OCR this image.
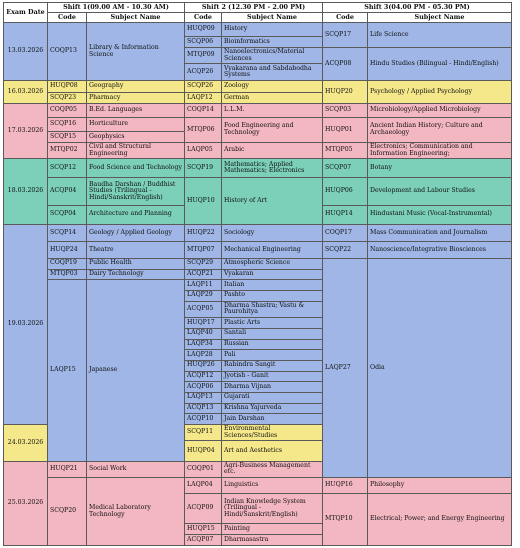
Exam Date	Shift 1(09.00 AM - 10.30 AM)		Shift 2 (12.30 PM - 2.00 PM)		Shift 3(04.00 PM - 05.30 PM)		
	Code	Subject Name	Code	Subject Name	Code	Subject Name	
13.03.2026	COQP13	Library & Information Science	HUQP09	History	SCQP17	Life Science	
			SCQP06	Bioinformatics			
			MTQP09	Nanoelectronics/Material Sciences	ACQP08	Hindu Studies (Bilingual - Hindi/English)	
			ACQP26	Vyakarana and Sabdabodha Systems			
16.03.2026	HUQP08	Geography	SCQP26	Zoology	HUQP20	Psychology / Applied Psychology	
	SCQP23	Pharmacy	LAQP12	German			
17.03.2026	COQP05	B.Ed. Languages	COQP14	L.L.M.	SCQP03	Microbiology/Applied Microbiology	
	SCQP16	Horticulture	MTQP06	Food Engineering and Technology	HUQP01	Ancient Indian History; Culture and Archaeology	
	SCQP15	Geophysics					
	MTQP02	Civil and Structural Engineering	LAQP05	Arabic	MTQP05	Electronics; Communication and Information Engineering;	
18.03.2026	SCQP12	Food Science and Technology	SCQP19	Mathematics; Applied Mathematics; Electronics	SCQP07	Botany	
	ACQP04	Baudha Darshan / Buddhist Studies (Trilingual - Hindi/Sanskrit/English)	HUQP10	History of Art	HUQP06	Development and Labour Studies	
	SCQP04	Architecture and Planning			HUQP14	Hindustani Music (Vocal-Instrumental)	
19.03.2026	SCQP14	Geology / Applied Geology	HUQP22	Sociology	COQP17	Mass Communication and Journalism	
	HUQP24	Theatre	MTQP07	Mechanical Engineering	SCQP22	Nanoscience/Integrative Biosciences	
	COQP19	Public Health	SCQP29	Atmospheric Science	LAQP27	Odia	
	MTQP03	Dairy Technology	ACQP21	Vyakaran			
	LAQP15	Japanese	LAQP11	Italian			
			LAQP29	Pashto			
			ACQP05	Dharma Shastra; Vastu & Paurohitya			
			HUQP17	Plastic Arts			
			LAQP40	Santali			
			LAQP34	Russian			
			LAQP28	Pali			
			HUQP26	Rabindra Sangit			
			ACQP12	Jyotish - Ganit			
			ACQP06	Dharma Vijnan			
			LAQP13	Gujarati			
			ACQP13	Krishna Yajurveda			
			ACQP10	Jain Darshan			
24.03.2026			SCQP11	Environmental Sciences/Studies				
			HUQP04	Art and Aesthetics			
25.03.2026	HUQP21	Social Work	COQP01	Agri-Business Management etc.		
	SCQP20	Medical Laboratory Technology	LAQP04	Linguistics	HUQP16	Philosophy	
			ACQP09	Indian Knowledge System (Trilingual - Hindi/Sanskrit/English)	MTQP10	Electrical; Power; and Energy Engineering	
			HUQP15	Painting			
			ACQP07	Dharmasastra			
